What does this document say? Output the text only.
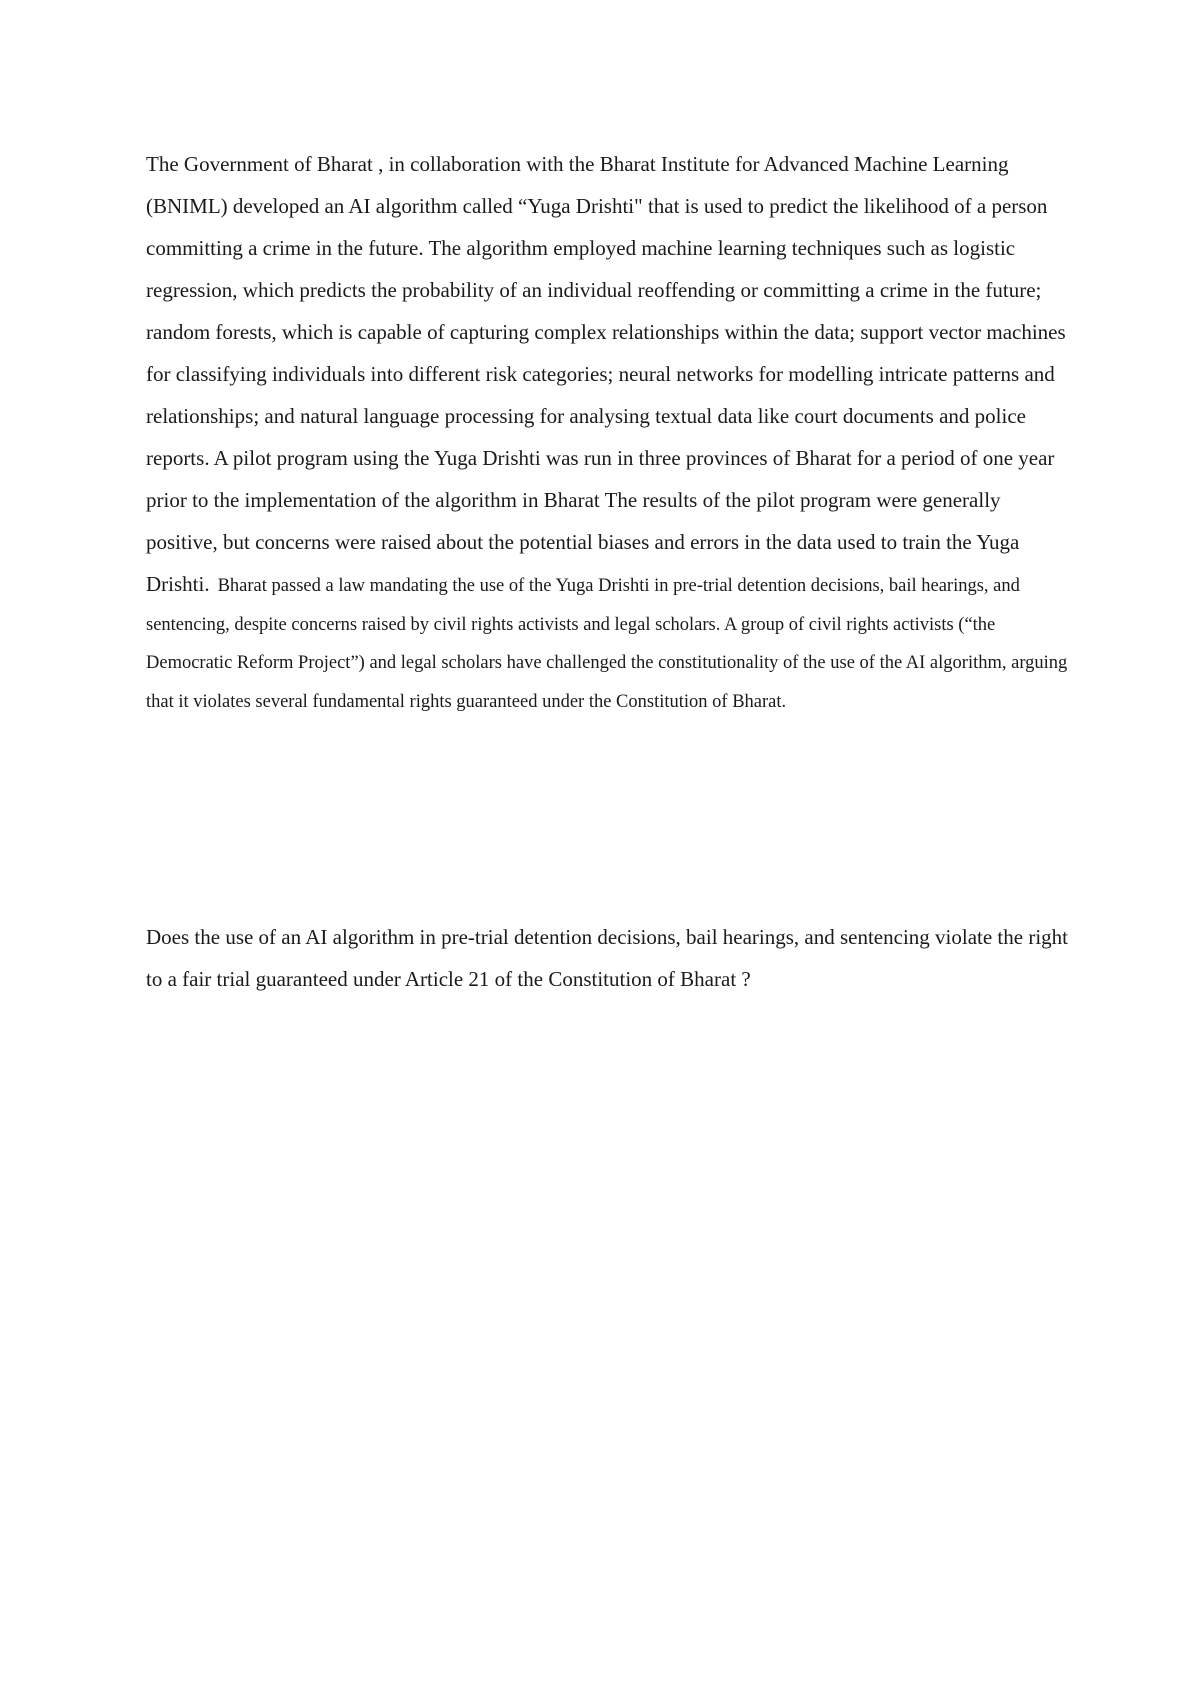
The Government of Bharat , in collaboration with the Bharat Institute for Advanced Machine Learning (BNIML) developed an AI algorithm called “Yuga Drishti" that is used to predict the likelihood of a person committing a crime in the future. The algorithm employed machine learning techniques such as logistic regression, which predicts the probability of an individual reoffending or committing a crime in the future; random forests, which is capable of capturing complex relationships within the data; support vector machines for classifying individuals into different risk categories; neural networks for modelling intricate patterns and relationships; and natural language processing for analysing textual data like court documents and police reports. A pilot program using the Yuga Drishti was run in three provinces of Bharat for a period of one year prior to the implementation of the algorithm in Bharat The results of the pilot program were generally positive, but concerns were raised about the potential biases and errors in the data used to train the Yuga Drishti. Bharat passed a law mandating the use of the Yuga Drishti in pre-trial detention decisions, bail hearings, and sentencing, despite concerns raised by civil rights activists and legal scholars. A group of civil rights activists (“the Democratic Reform Project”) and legal scholars have challenged the constitutionality of the use of the AI algorithm, arguing that it violates several fundamental rights guaranteed under the Constitution of Bharat.

Does the use of an AI algorithm in pre-trial detention decisions, bail hearings, and sentencing violate the right to a fair trial guaranteed under Article 21 of the Constitution of Bharat ?
